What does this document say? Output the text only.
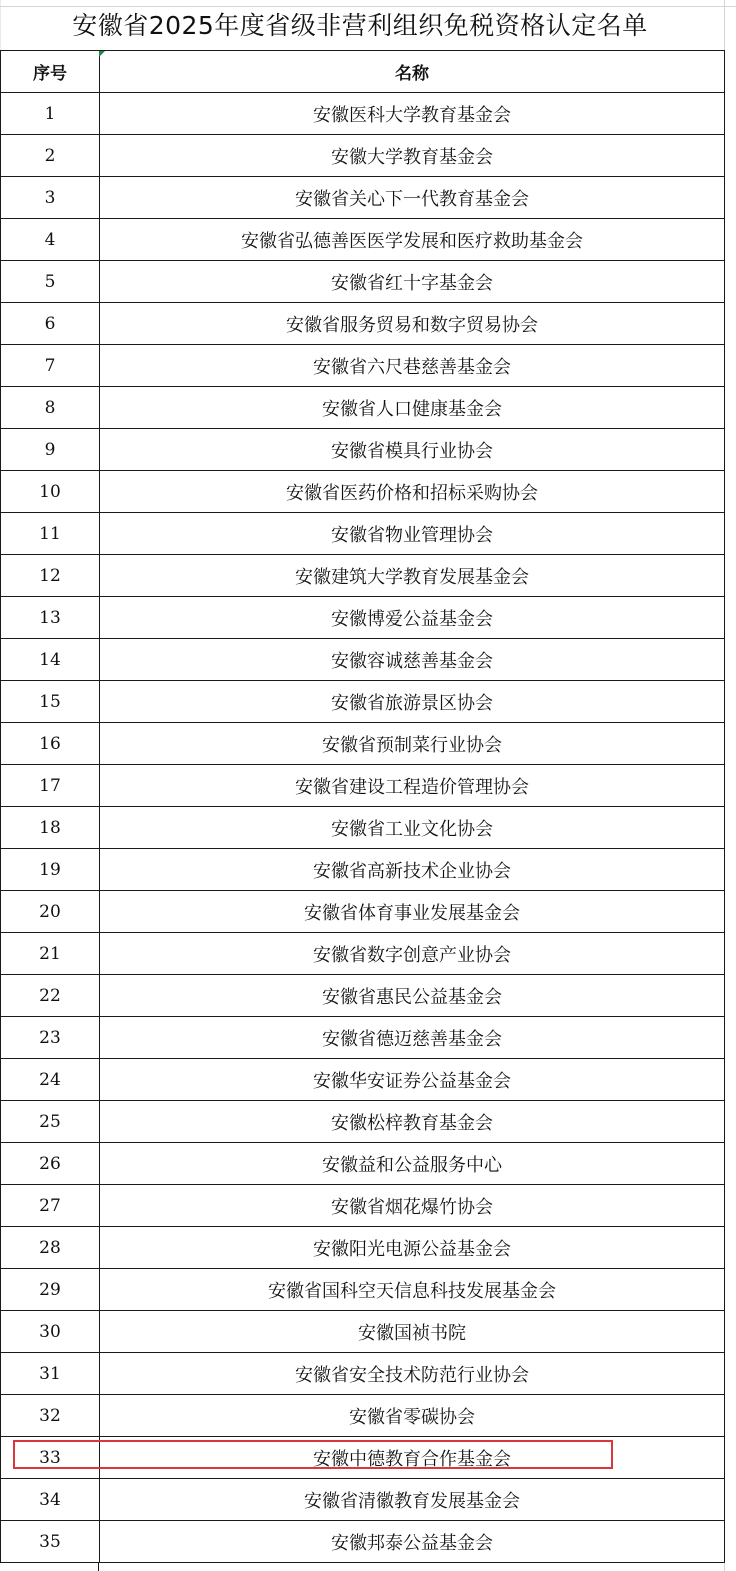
安徽省2025年度省级非营利组织免税资格认定名单
序号	名称
1	安徽医科大学教育基金会
2	安徽大学教育基金会
3	安徽省关心下一代教育基金会
4	安徽省弘德善医医学发展和医疗救助基金会
5	安徽省红十字基金会
6	安徽省服务贸易和数字贸易协会
7	安徽省六尺巷慈善基金会
8	安徽省人口健康基金会
9	安徽省模具行业协会
10	安徽省医药价格和招标采购协会
11	安徽省物业管理协会
12	安徽建筑大学教育发展基金会
13	安徽博爱公益基金会
14	安徽容诚慈善基金会
15	安徽省旅游景区协会
16	安徽省预制菜行业协会
17	安徽省建设工程造价管理协会
18	安徽省工业文化协会
19	安徽省高新技术企业协会
20	安徽省体育事业发展基金会
21	安徽省数字创意产业协会
22	安徽省惠民公益基金会
23	安徽省德迈慈善基金会
24	安徽华安证券公益基金会
25	安徽松梓教育基金会
26	安徽益和公益服务中心
27	安徽省烟花爆竹协会
28	安徽阳光电源公益基金会
29	安徽省国科空天信息科技发展基金会
30	安徽国祯书院
31	安徽省安全技术防范行业协会
32	安徽省零碳协会
33	安徽中德教育合作基金会
34	安徽省清徽教育发展基金会
35	安徽邦泰公益基金会
